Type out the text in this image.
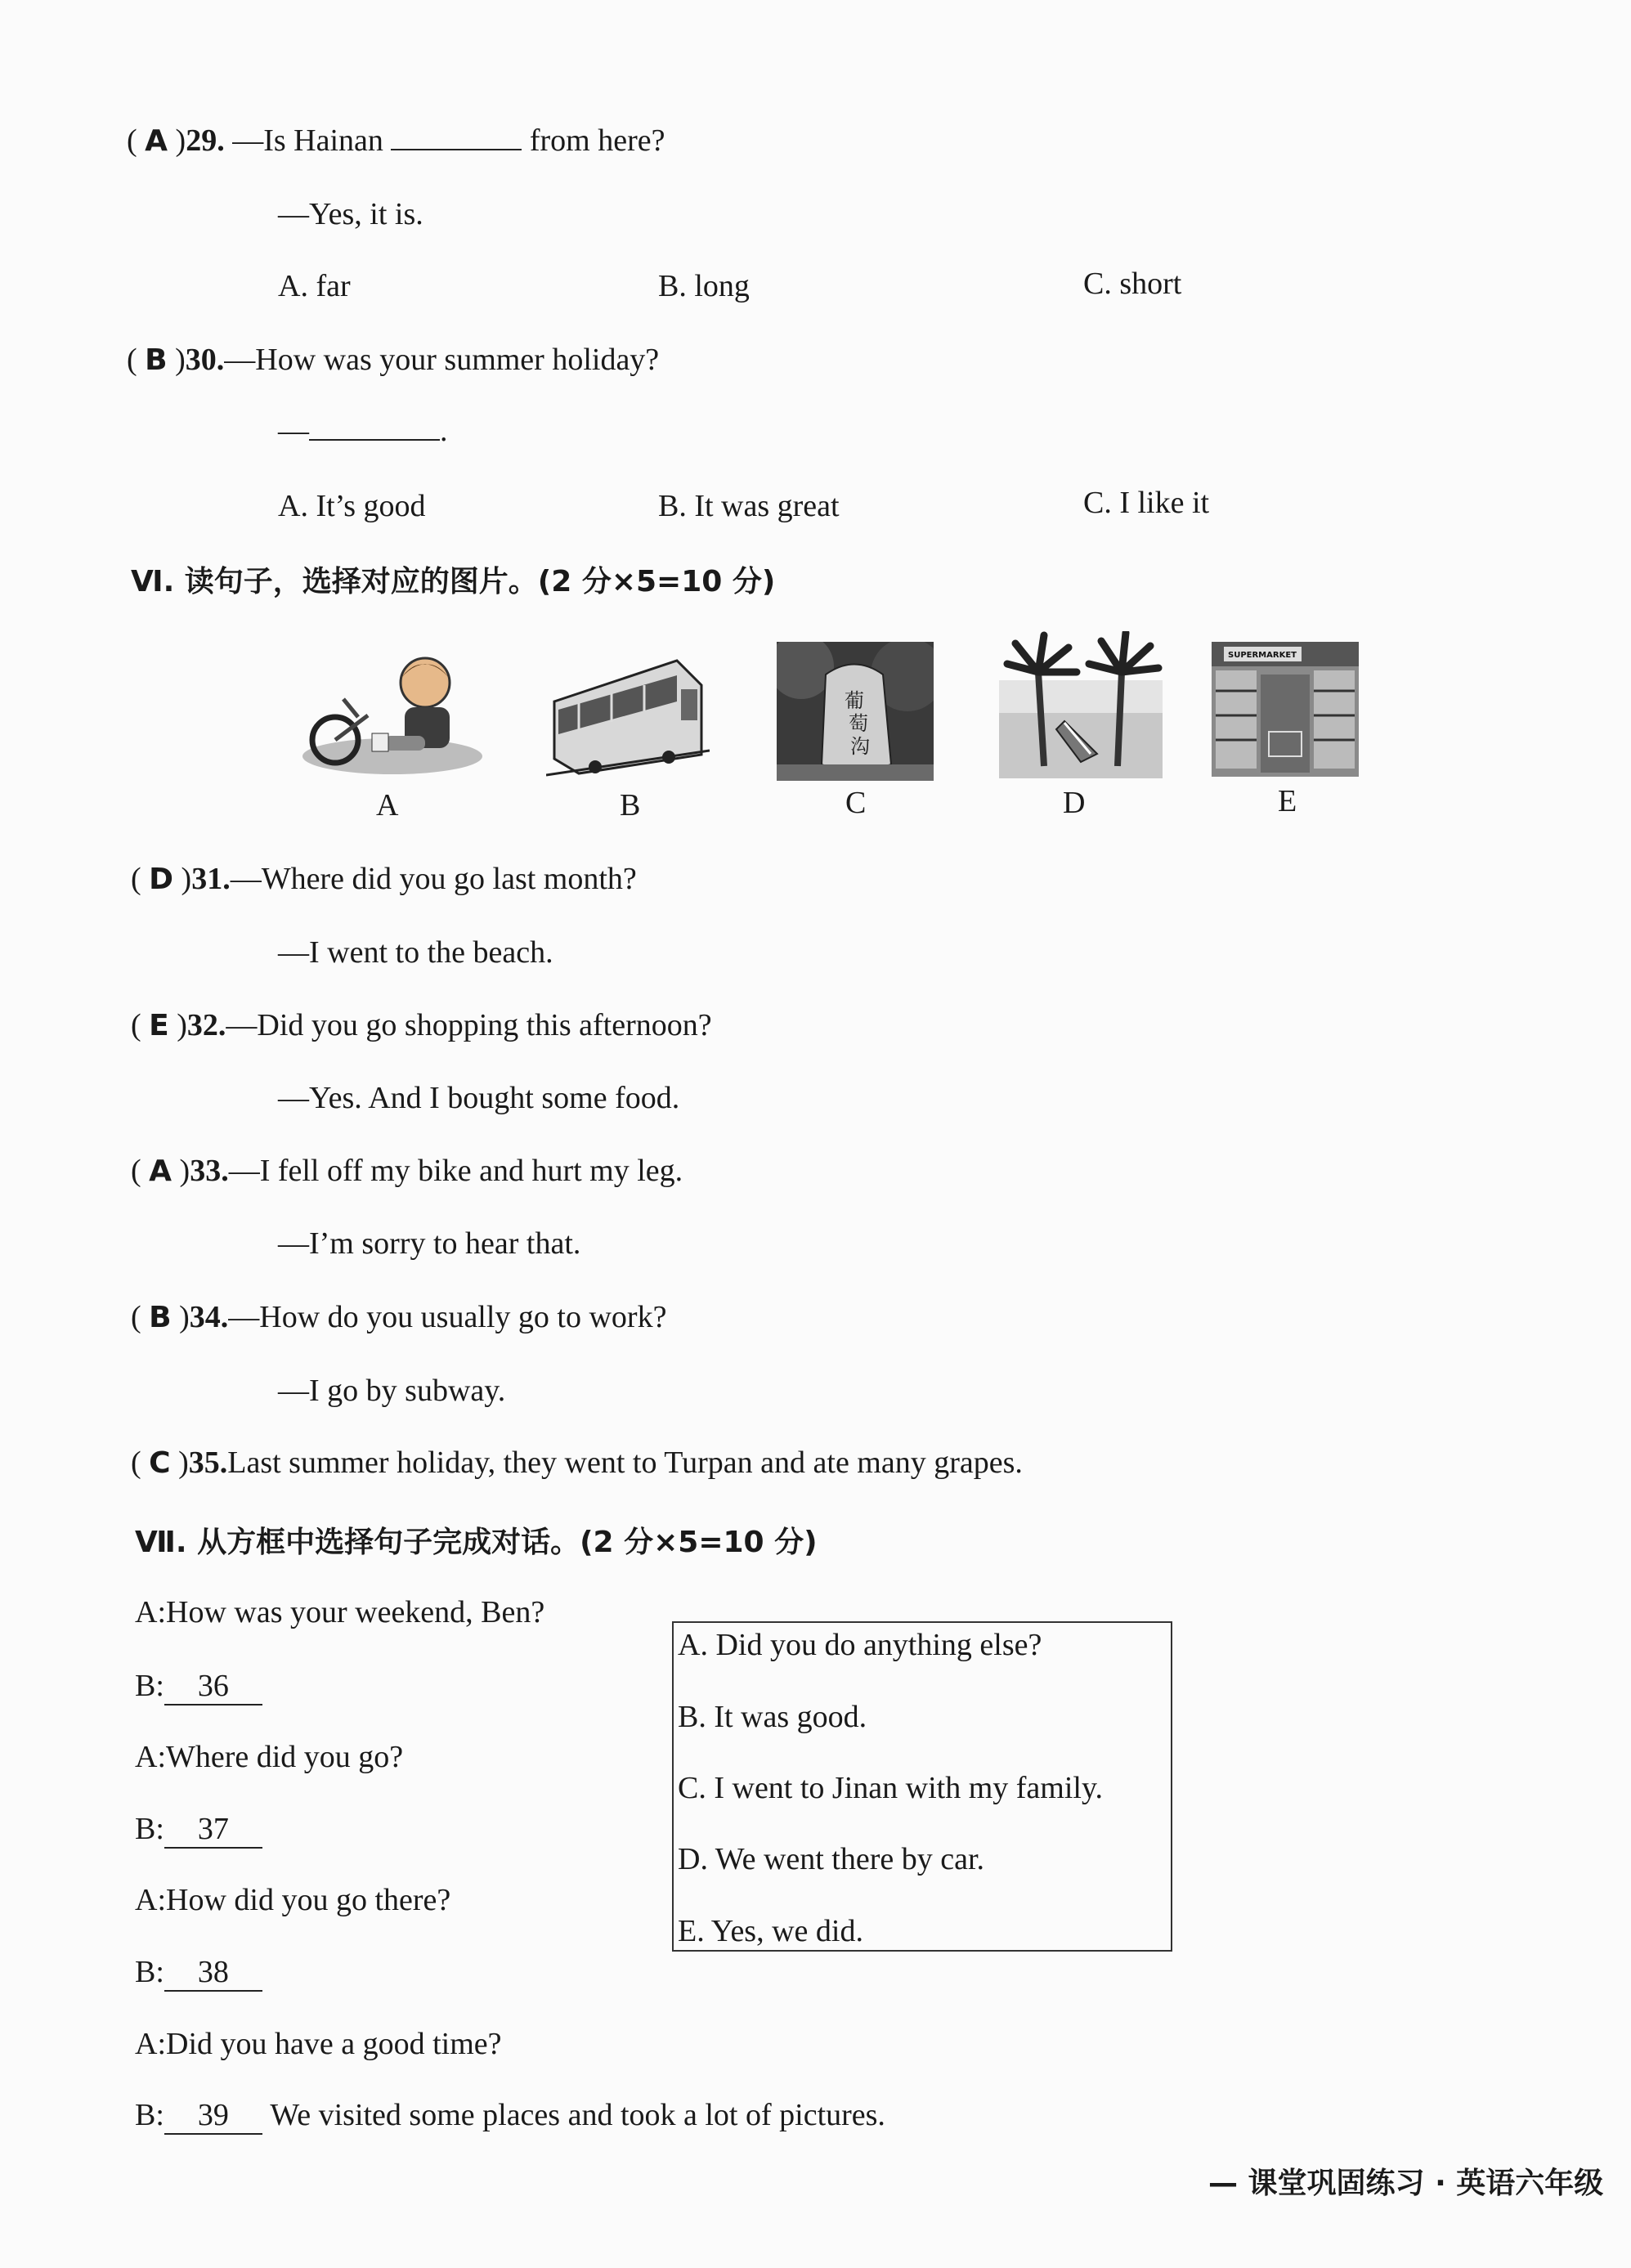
( A )29. —Is Hainan	from here?
—Yes, it is.
A. far	B. long	C. short
( B )30.—How was your summer holiday?
—	.
A. It’s good	B. It was great	C. I like it
Ⅵ. 读句子，选择对应的图片。(2 分×5=10 分)
葡
萄
沟
SUPERMARKET
A	B	C	D	E
( D )31.—Where did you go last month?
—I went to the beach.
( E )32.—Did you go shopping this afternoon?
—Yes. And I bought some food.
( A )33.—I fell off my bike and hurt my leg.
—I’m sorry to hear that.
( B )34.—How do you usually go to work?
—I go by subway.
( C )35.Last summer holiday, they went to Turpan and ate many grapes.
Ⅶ. 从方框中选择句子完成对话。(2 分×5=10 分)
A:How was your weekend, Ben?
B: 36
A:Where did you go?
B: 37
A:How did you go there?
B: 38
A:Did you have a good time?
B: 39 We visited some places and took a lot of pictures.
A. Did you do anything else?
B. It was good.
C. I went to Jinan with my family.
D. We went there by car.
E. Yes, we did.
— 课堂巩固练习 · 英语六年级
